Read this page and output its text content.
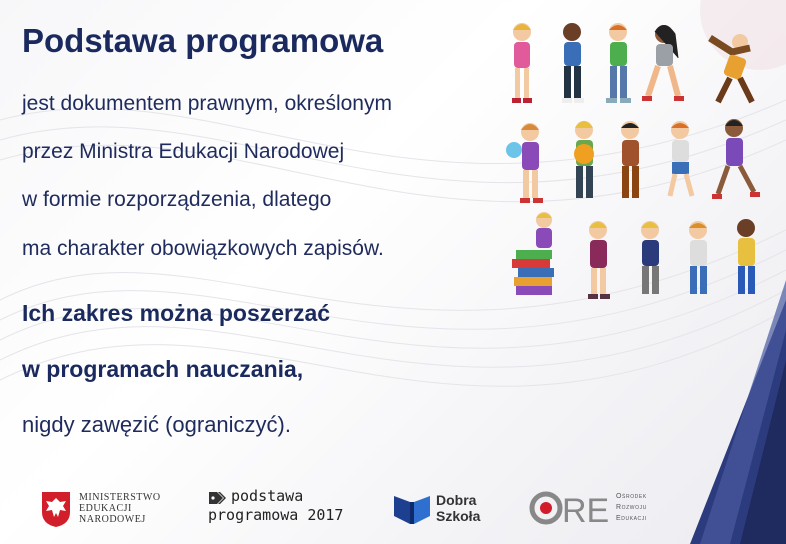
Podstawa programowa
jest dokumentem prawnym, określonym
przez Ministra Edukacji Narodowej
w formie rozporządzenia, dlatego
ma charakter obowiązkowych zapisów.
Ich zakres można poszerzać
w programach nauczania,
nigdy zawęzić (ograniczyć).
MINISTERSTWO
EDUKACJI
NARODOWEJ
podstawa
programowa 2017
Dobra
Szkoła RE Ośrodek
Rozwoju
Edukacji
